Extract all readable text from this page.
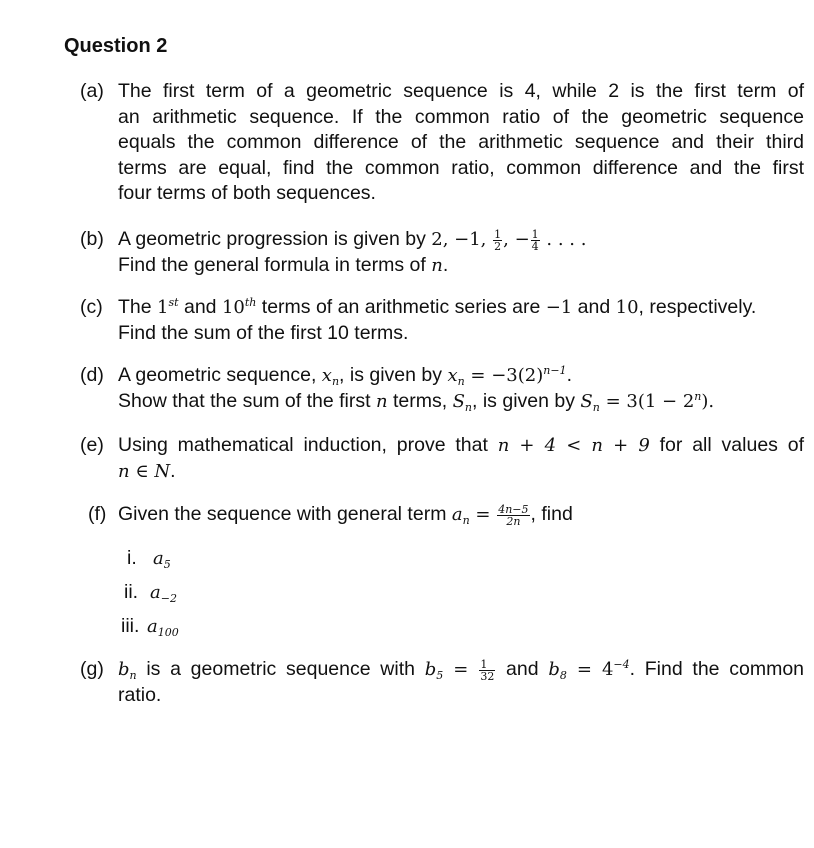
Question 2
(a) The first term of a geometric sequence is 4, while 2 is the first term of
an arithmetic sequence. If the common ratio of the geometric sequence
equals the common difference of the arithmetic sequence and their third
terms are equal, find the common ratio, common difference and the first
four terms of both sequences.
(b) A geometric progression is given by 2, −1, $\frac{1}{2}$ , − $\frac{1}{4}$ . . . .
Find the general formula in terms of n.
(c) The 1st and 10th terms of an arithmetic series are −1 and 10, respectively.
Find the sum of the first 10 terms.
(d) A geometric sequence, $x_n$, is given by $x_n = -3(2)^{n-1}$.
Show that the sum of the first n terms, $S_n$, is given by $S_n = 3(1 - 2^n)$.
(e) Using mathematical induction, prove that n + 4 < n + 9 for all values of
n ∈ N.
(f) Given the sequence with general term $a_n = \frac{4n-5}{2n}$ , find
i. $a_5$
ii. $a_{-2}$
iii. $a_{100}$
(g) $b_n$ is a geometric sequence with $b_5 = \frac{1}{32}$ and $b_8 = 4^{-4}$. Find the common
ratio.
